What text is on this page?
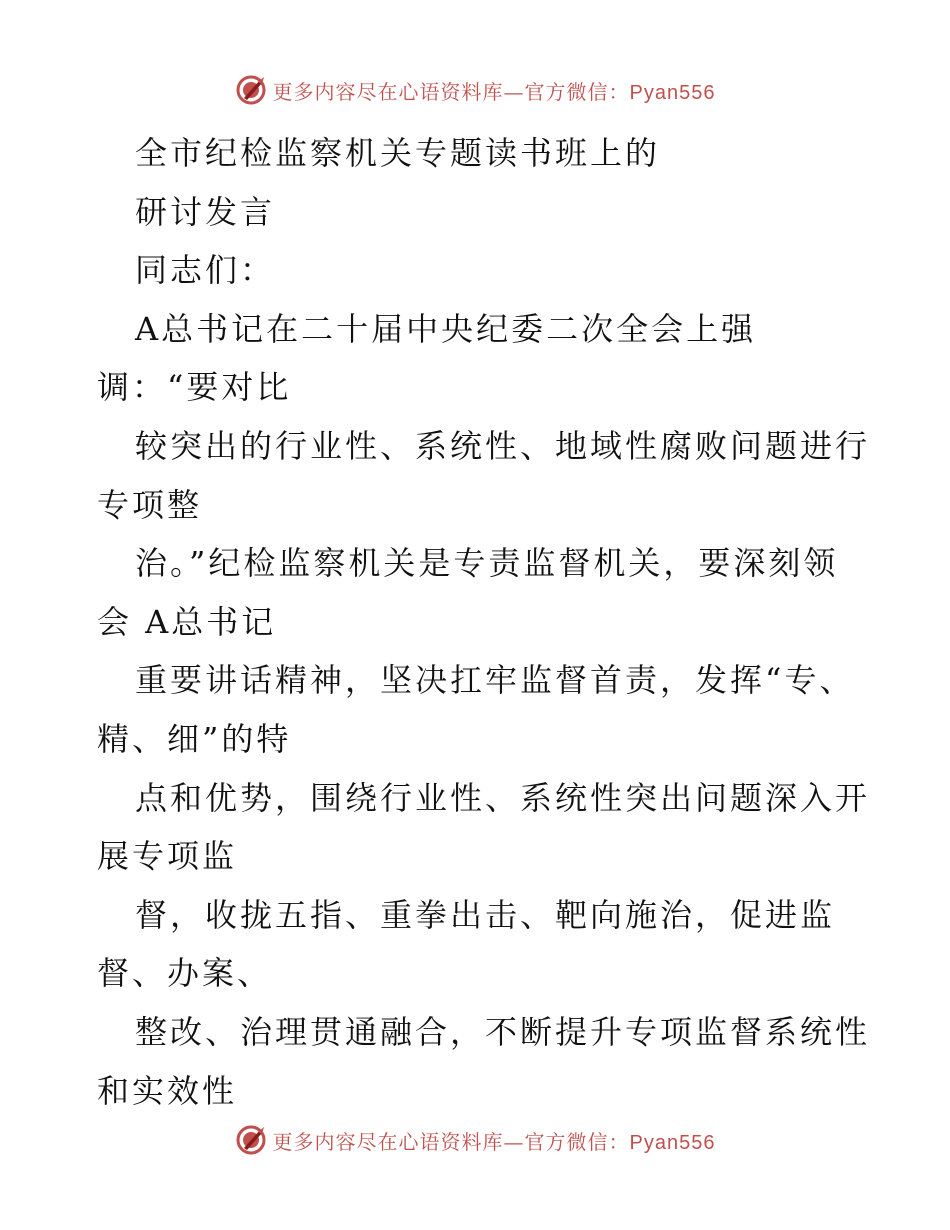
更多内容尽在心语资料库—官方微信：Pyan556
全市纪检监察机关专题读书班上的
研讨发言
同志们：
A总书记在二十届中央纪委二次全会上强
调：“要对比
较突出的行业性、系统性、地域性腐败问题进行
专项整
治。”纪检监察机关是专责监督机关，要深刻领
会 A总书记
重要讲话精神，坚决扛牢监督首责，发挥“专、
精、细”的特
点和优势，围绕行业性、系统性突出问题深入开
展专项监
督，收拢五指、重拳出击、靶向施治，促进监
督、办案、
整改、治理贯通融合，不断提升专项监督系统性
和实效性
更多内容尽在心语资料库—官方微信：Pyan556
